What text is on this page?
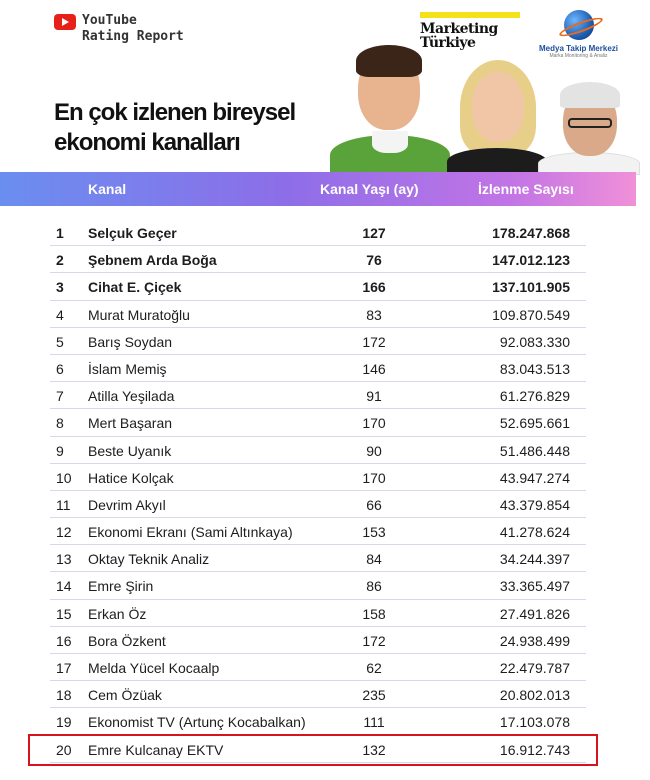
YouTube
Rating Report	Marketing
Türkiye	Medya Takip Merkezi
Marka Monitoring & Analiz
En çok izlenen bireysel
ekonomi kanalları
Kanal	Kanal Yaşı (ay)	İzlenme Sayısı
1 Selçuk Geçer	127	178.247.868
2 Şebnem Arda Boğa	76	147.012.123
3 Cihat E. Çiçek	166	137.101.905
4 Murat Muratoğlu	83	109.870.549
5 Barış Soydan	172	92.083.330
6 İslam Memiş	146	83.043.513
7 Atilla Yeşilada	91	61.276.829
8 Mert Başaran	170	52.695.661
9 Beste Uyanık	90	51.486.448
10 Hatice Kolçak	170	43.947.274
11 Devrim Akyıl	66	43.379.854
12 Ekonomi Ekranı (Sami Altınkaya)	153	41.278.624
13 Oktay Teknik Analiz	84	34.244.397
14 Emre Şirin	86	33.365.497
15 Erkan Öz	158	27.491.826
16 Bora Özkent	172	24.938.499
17 Melda Yücel Kocaalp	62	22.479.787
18 Cem Özüak	235	20.802.013
19 Ekonomist TV (Artunç Kocabalkan)	111	17.103.078
20 Emre Kulcanay EKTV	132	16.912.743
